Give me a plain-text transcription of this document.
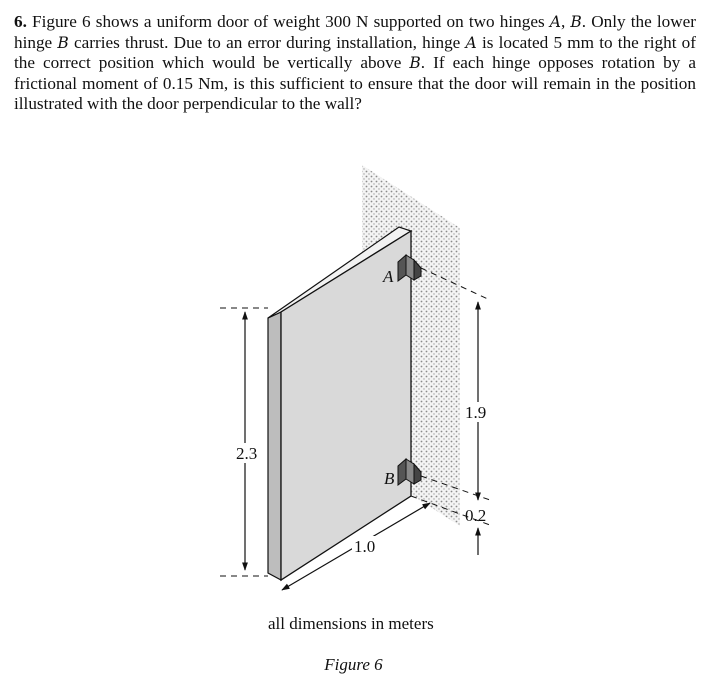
6. Figure 6 shows a uniform door of weight 300 N supported on two hinges A, B. Only the lower hinge B carries thrust. Due to an error during installation, hinge A is located 5 mm to the right of the correct position which would be vertically above B. If each hinge opposes rotation by a frictional moment of 0.15 Nm, is this sufficient to ensure that the door will remain in the position illustrated with the door perpendicular to the wall?
A
B
2.3
1.0
1.9
0.2
all dimensions in meters
Figure 6
